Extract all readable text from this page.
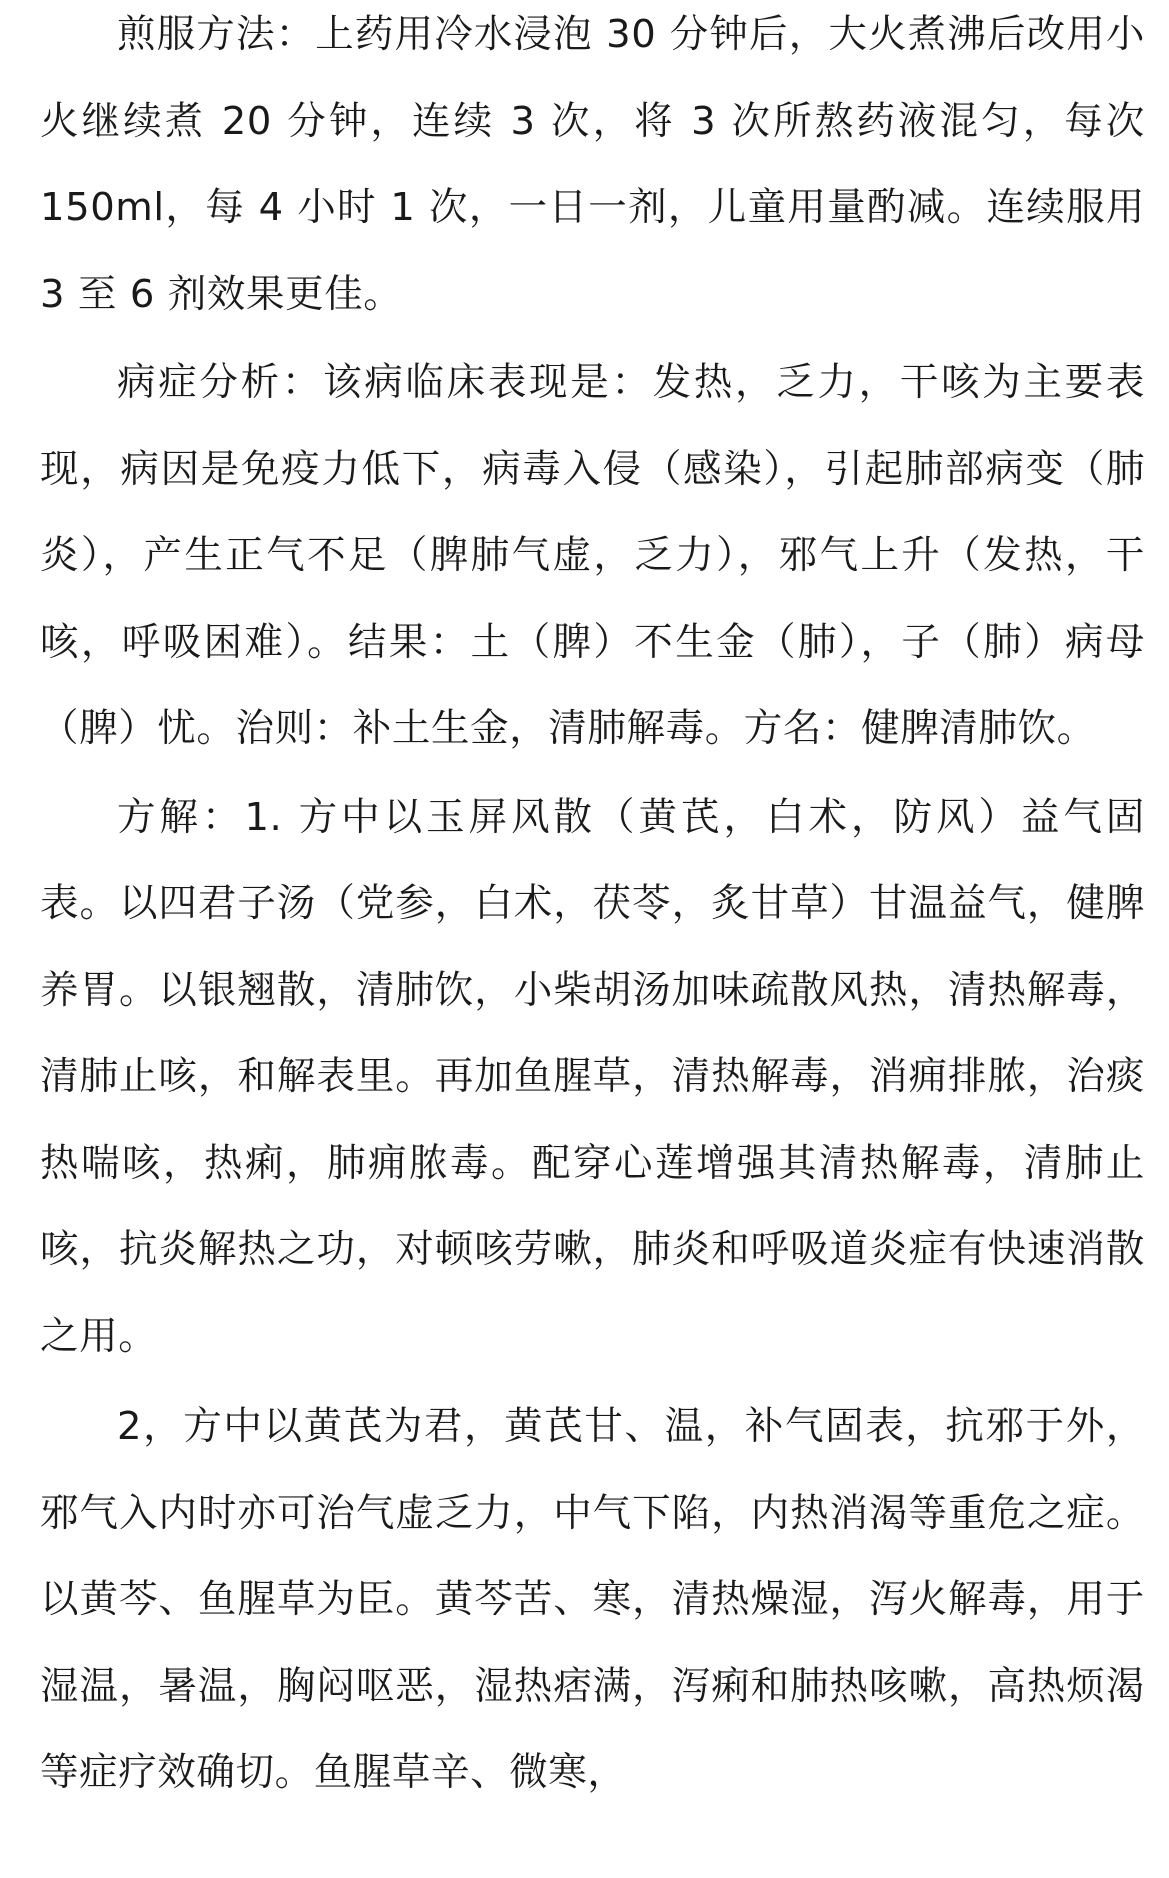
煎服方法：上药用冷水浸泡 30 分钟后，大火煮沸后改用小火继续煮 20 分钟，连续 3 次，将 3 次所熬药液混匀，每次 150ml，每 4 小时 1 次，一日一剂，儿童用量酌减。连续服用 3 至 6 剂效果更佳。

病症分析：该病临床表现是：发热，乏力，干咳为主要表现，病因是免疫力低下，病毒入侵（感染），引起肺部病变（肺炎），产生正气不足（脾肺气虚，乏力），邪气上升（发热，干咳，呼吸困难）。结果：土（脾）不生金（肺），子（肺）病母（脾）忧。治则：补土生金，清肺解毒。方名：健脾清肺饮。

方解：1. 方中以玉屏风散（黄芪，白术，防风）益气固表。以四君子汤（党参，白术，茯苓，炙甘草）甘温益气，健脾养胃。以银翘散，清肺饮，小柴胡汤加味疏散风热，清热解毒，清肺止咳，和解表里。再加鱼腥草，清热解毒，消痈排脓，治痰热喘咳，热痢，肺痈脓毒。配穿心莲增强其清热解毒，清肺止咳，抗炎解热之功，对顿咳劳嗽，肺炎和呼吸道炎症有快速消散之用。

2，方中以黄芪为君，黄芪甘、温，补气固表，抗邪于外，邪气入内时亦可治气虚乏力，中气下陷，内热消渴等重危之症。以黄芩、鱼腥草为臣。黄芩苦、寒，清热燥湿，泻火解毒，用于湿温，暑温，胸闷呕恶，湿热痞满，泻痢和肺热咳嗽，高热烦渴等症疗效确切。鱼腥草辛、微寒，
